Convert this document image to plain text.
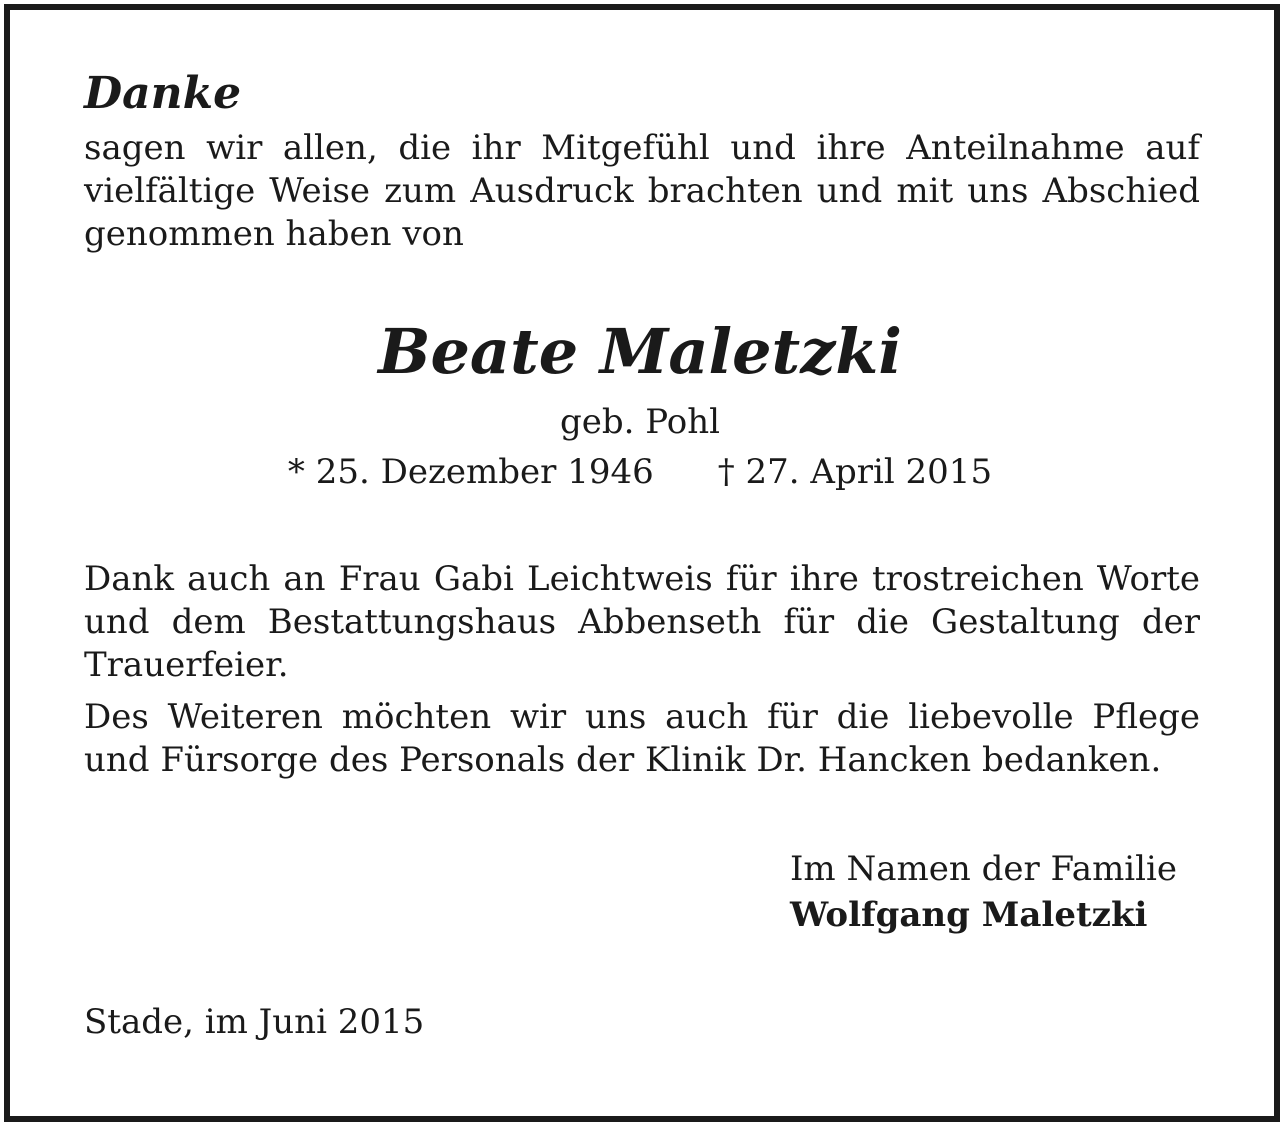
Danke

sagen wir allen, die ihr Mitgefühl und ihre Anteilnahme auf vielfältige Weise zum Ausdruck brachten und mit uns Abschied genommen haben von

Beate Maletzki

geb. Pohl

* 25. Dezember 1946 † 27. April 2015

Dank auch an Frau Gabi Leichtweis für ihre trostreichen Worte und dem Bestattungshaus Abbenseth für die Gestaltung der Trauerfeier.

Des Weiteren möchten wir uns auch für die liebevolle Pflege und Fürsorge des Personals der Klinik Dr. Hancken bedanken.

Im Namen der Familie
Wolfgang Maletzki

Stade, im Juni 2015
